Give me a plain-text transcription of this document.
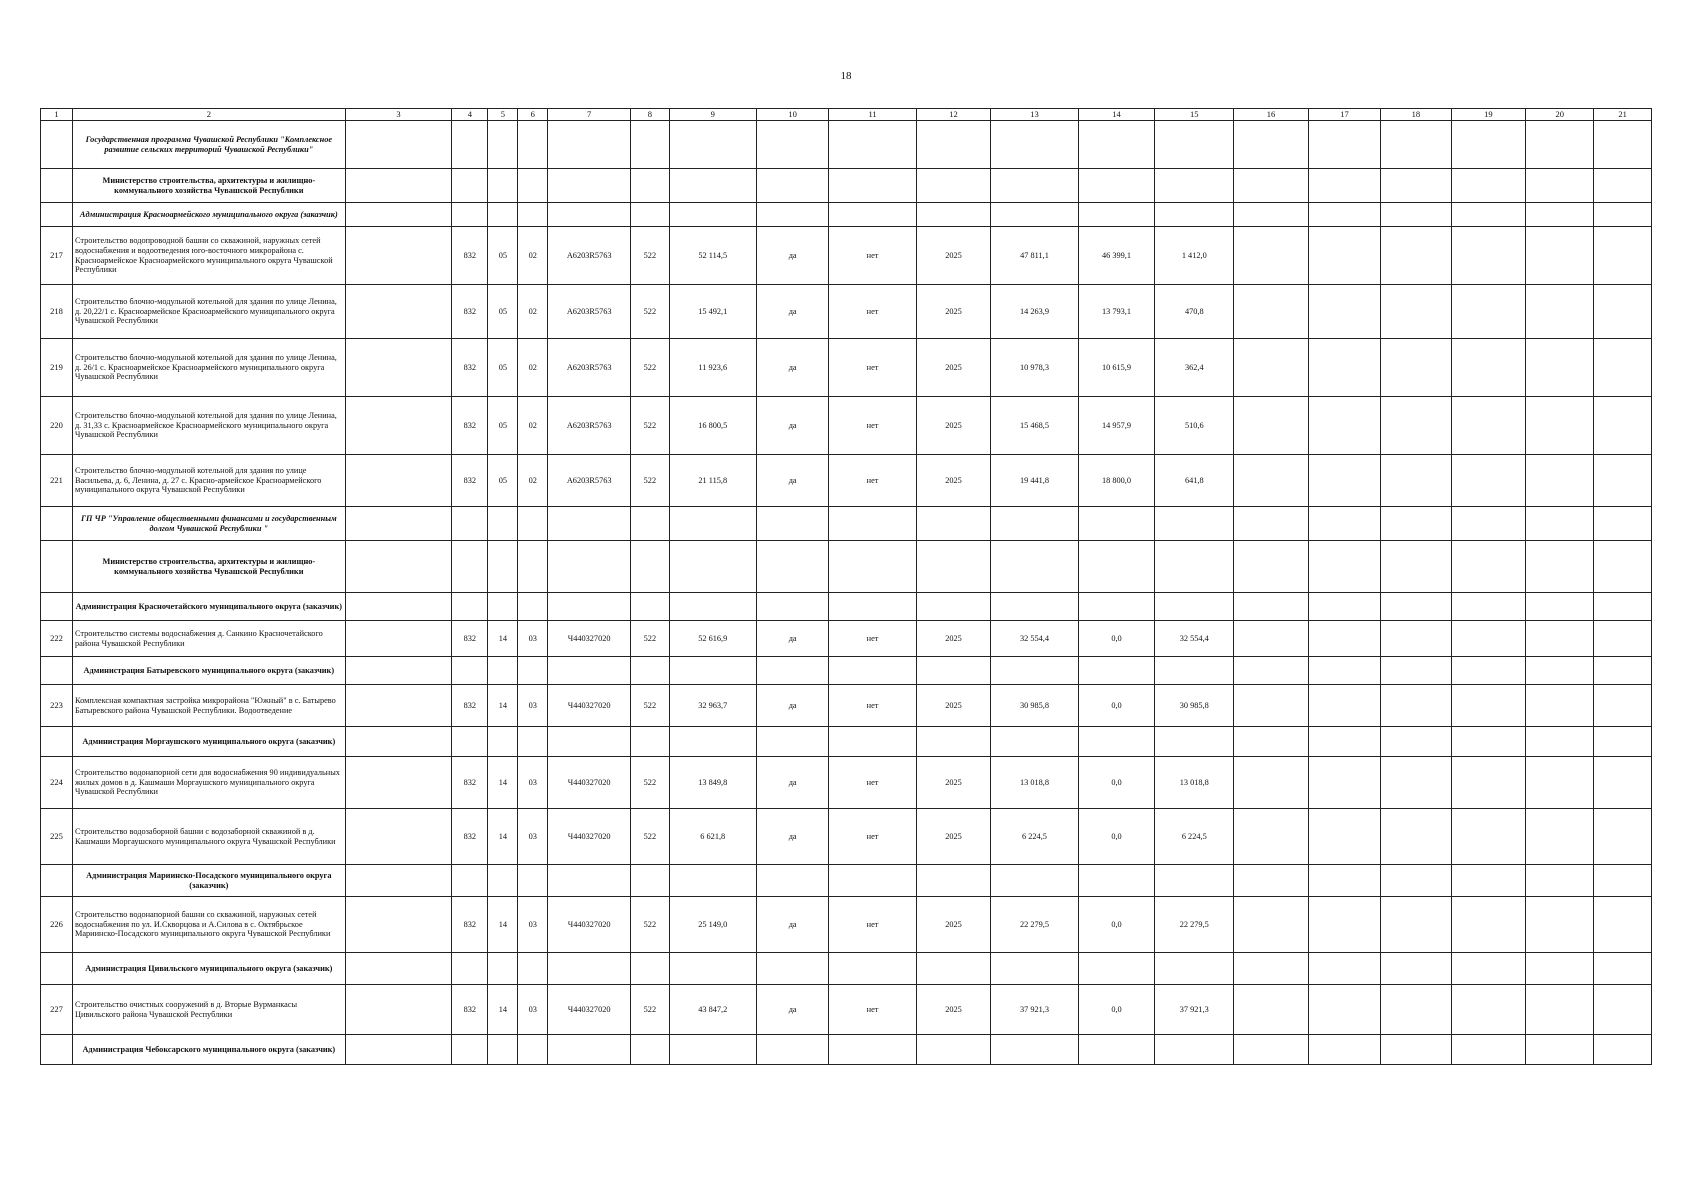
18
1	2	3	4	5	6	7	8	9	10	11	12	13	14	15	16	17	18	19	20	21
	Государственная программа Чувашской Республики "Комплексное развитие сельских территорий Чувашской Республики"																			
	Министерство строительства, архитектуры и жилищно-коммунального хозяйства Чувашской Республики																			
	Администрация Красноармейского муниципального округа (заказчик)																			
217	Строительство водопроводной башни со скважиной, наружных сетей водоснабжения и водоотведения юго-восточного микрорайона с. Красноармейское Красноармейского муниципального округа Чувашской Республики		832	05	02	А6203R5763	522	52 114,5	да	нет	2025	47 811,1	46 399,1	1 412,0						
218	Строительство блочно-модульной котельной для здания по улице Ленина, д. 20,22/1 с. Красноармейское Красноармейского муниципального округа Чувашской Республики		832	05	02	А6203R5763	522	15 492,1	да	нет	2025	14 263,9	13 793,1	470,8						
219	Строительство блочно-модульной котельной для здания по улице Ленина, д. 26/1 с. Красноармейское Красноармейского муниципального округа Чувашской Республики		832	05	02	А6203R5763	522	11 923,6	да	нет	2025	10 978,3	10 615,9	362,4						
220	Строительство блочно-модульной котельной для здания по улице Ленина, д. 31,33 с. Красноармейское Красноармейского муниципального округа Чувашской Республики		832	05	02	А6203R5763	522	16 800,5	да	нет	2025	15 468,5	14 957,9	510,6						
221	Строительство блочно-модульной котельной для здания по улице Васильева, д. 6, Ленина, д. 27 с. Красно-армейское Красноармейского муниципального округа Чувашской Республики		832	05	02	А6203R5763	522	21 115,8	да	нет	2025	19 441,8	18 800,0	641,8						
	ГП ЧР "Управление общественными финансами и государственным долгом Чувашской Республики "																			
	Министерство строительства, архитектуры и жилищно-коммунального хозяйства Чувашской Республики																			
	Администрация Красночетайского муниципального округа (заказчик)																			
222	Строительство системы водоснабжения д. Санкино Красночетайского района Чувашской Республики		832	14	03	Ч440327020	522	52 616,9	да	нет	2025	32 554,4	0,0	32 554,4						
	Администрация Батыревского муниципального округа (заказчик)																			
223	Комплексная компактная застройка микрорайона "Южный" в с. Батырево Батыревского района Чувашской Республики. Водоотведение		832	14	03	Ч440327020	522	32 963,7	да	нет	2025	30 985,8	0,0	30 985,8						
	Администрация Моргаушского муниципального округа (заказчик)																			
224	Строительство водонапорной сети для водоснабжения 90 индивидуальных жилых домов в д. Кашмаши Моргаушского муниципального округа Чувашской Республики		832	14	03	Ч440327020	522	13 849,8	да	нет	2025	13 018,8	0,0	13 018,8						
225	Строительство водозаборной башни с водозаборной скважиной в д. Кашмаши Моргаушского муниципального округа Чувашской Республики		832	14	03	Ч440327020	522	6 621,8	да	нет	2025	6 224,5	0,0	6 224,5						
	Администрация Мариинско-Посадского муниципального округа (заказчик)																			
226	Строительство водонапорной башни со скважиной, наружных сетей водоснабжения по ул. И.Скворцова и А.Силова в с. Октябрьское Мариинско-Посадского муниципального округа Чувашской Республики		832	14	03	Ч440327020	522	25 149,0	да	нет	2025	22 279,5	0,0	22 279,5						
	Администрация Цивильского муниципального округа (заказчик)																			
227	Строительство очистных сооружений в д. Вторые Вурманкасы Цивильского района Чувашской Республики		832	14	03	Ч440327020	522	43 847,2	да	нет	2025	37 921,3	0,0	37 921,3						
	Администрация Чебоксарского муниципального округа (заказчик)																			
